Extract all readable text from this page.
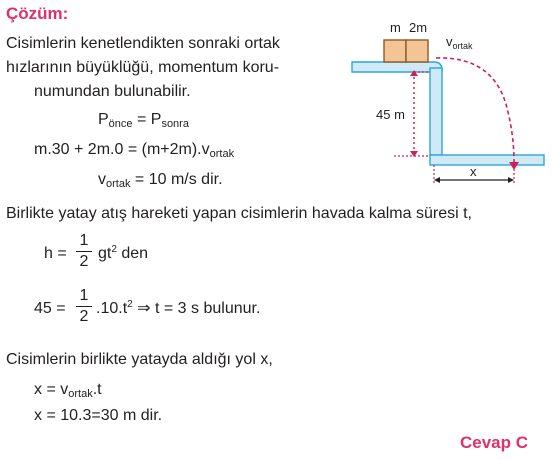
Çözüm:
Cisimlerin kenetlendikten sonraki ortak
hızlarının büyüklüğü, momentum koru-
numundan bulunabilir.
$P_{önce} = P_{sonra}$
$m.30 + 2m.0 = (m+2m).v_{ortak}$
$v_{ortak} = 10$ m/s dir.
Birlikte yatay atış hareketi yapan cisimlerin havada kalma süresi t,
h =
1
2 $gt^2$ den
45 =
1
2 $.10.t^2$ ⇒ t = 3 s bulunur.
Cisimlerin birlikte yatayda aldığı yol x,
$x = v_{ortak}.t$
x = 10.3=30 m dir.
Cevap C
m 2m
$v_{ortak}$
45 m
x
